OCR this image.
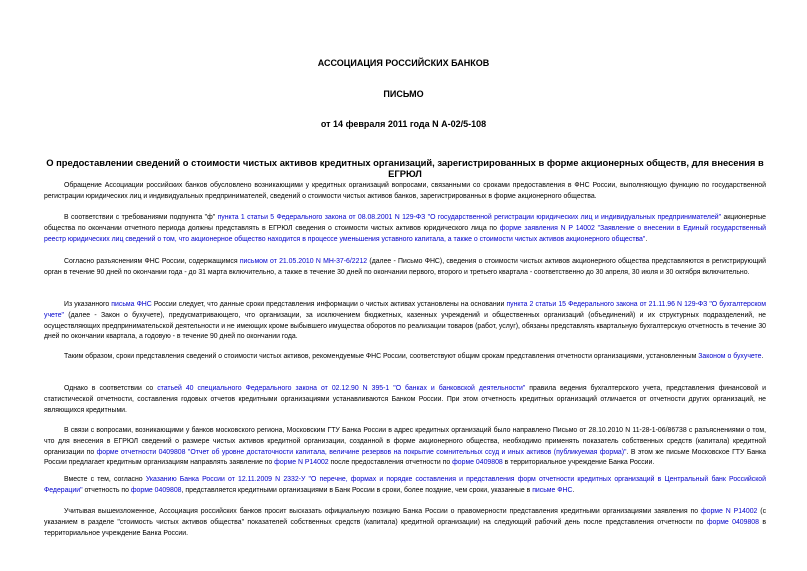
АССОЦИАЦИЯ РОССИЙСКИХ БАНКОВ

ПИСЬМО

от 14 февраля 2011 года N А-02/5-108

О предоставлении сведений о стоимости чистых активов кредитных организаций, зарегистрированных в форме акционерных обществ, для внесения в ЕГРЮЛ

Обращение Ассоциации российских банков обусловлено возникающими у кредитных организаций вопросами, связанными со сроками предоставления в ФНС России, выполняющую функцию по государственной регистрации юридических лиц и индивидуальных предпринимателей, сведений о стоимости чистых активов банков, зарегистрированных в форме акционерного общества.

В соответствии с требованиями подпункта "ф" пункта 1 статьи 5 Федерального закона от 08.08.2001 N 129-ФЗ "О государственной регистрации юридических лиц и индивидуальных предпринимателей" акционерные общества по окончании отчетного периода должны представлять в ЕГРЮЛ сведения о стоимости чистых активов юридического лица по форме заявления N Р 14002 "Заявление о внесении в Единый государственный реестр юридических лиц сведений о том, что акционерное общество находится в процессе уменьшения уставного капитала, а также о стоимости чистых активов акционерного общества".

Согласно разъяснениям ФНС России, содержащимся письмом от 21.05.2010 N МН-37-6/2212 (далее - Письмо ФНС), сведения о стоимости чистых активов акционерного общества представляются в регистрирующий орган в течение 90 дней по окончании года - до 31 марта включительно, а также в течение 30 дней по окончании первого, второго и третьего квартала - соответственно до 30 апреля, 30 июля и 30 октября включительно.

Из указанного письма ФНС России следует, что данные сроки представления информации о чистых активах установлены на основании пункта 2 статьи 15 Федерального закона от 21.11.96 N 129-ФЗ "О бухгалтерском учете" (далее - Закон о бухучете), предусматривающего, что организации, за исключением бюджетных, казенных учреждений и общественных организаций (объединений) и их структурных подразделений, не осуществляющих предпринимательской деятельности и не имеющих кроме выбывшего имущества оборотов по реализации товаров (работ, услуг), обязаны представлять квартальную бухгалтерскую отчетность в течение 30 дней по окончании квартала, а годовую - в течение 90 дней по окончании года.

Таким образом, сроки представления сведений о стоимости чистых активов, рекомендуемые ФНС России, соответствуют общим срокам представления отчетности организациями, установленным Законом о бухучете.

Однако в соответствии со статьей 40 специального Федерального закона от 02.12.90 N 395-1 "О банках и банковской деятельности" правила ведения бухгалтерского учета, представления финансовой и статистической отчетности, составления годовых отчетов кредитными организациями устанавливаются Банком России. При этом отчетность кредитных организаций отличается от отчетности других организаций, не являющихся кредитными.

В связи с вопросами, возникающими у банков московского региона, Московским ГТУ Банка России в адрес кредитных организаций было направлено Письмо от 28.10.2010 N 11-28-1-06/86738 с разъяснениями о том, что для внесения в ЕГРЮЛ сведений о размере чистых активов кредитной организации, созданной в форме акционерного общества, необходимо применять показатель собственных средств (капитала) кредитной организации по форме отчетности 0409808 "Отчет об уровне достаточности капитала, величине резервов на покрытие сомнительных ссуд и иных активов (публикуемая форма)". В этом же письме Московское ГТУ Банка России предлагает кредитным организациям направлять заявление по форме N Р14002 после предоставления отчетности по форме 0409808 в территориальное учреждение Банка России.

Вместе с тем, согласно Указанию Банка России от 12.11.2009 N 2332-У "О перечне, формах и порядке составления и представления форм отчетности кредитных организаций в Центральный банк Российской Федерации" отчетность по форме 0409808, представляется кредитными организациями в Банк России в сроки, более поздние, чем сроки, указанные в письме ФНС.

Учитывая вышеизложенное, Ассоциация российских банков просит высказать официальную позицию Банка России о правомерности представления кредитными организациями заявления по форме N Р14002 (с указанием в разделе "стоимость чистых активов общества" показателей собственных средств (капитала) кредитной организации) на следующий рабочий день после представления отчетности по форме 0409808 в территориальное учреждение Банка России.
